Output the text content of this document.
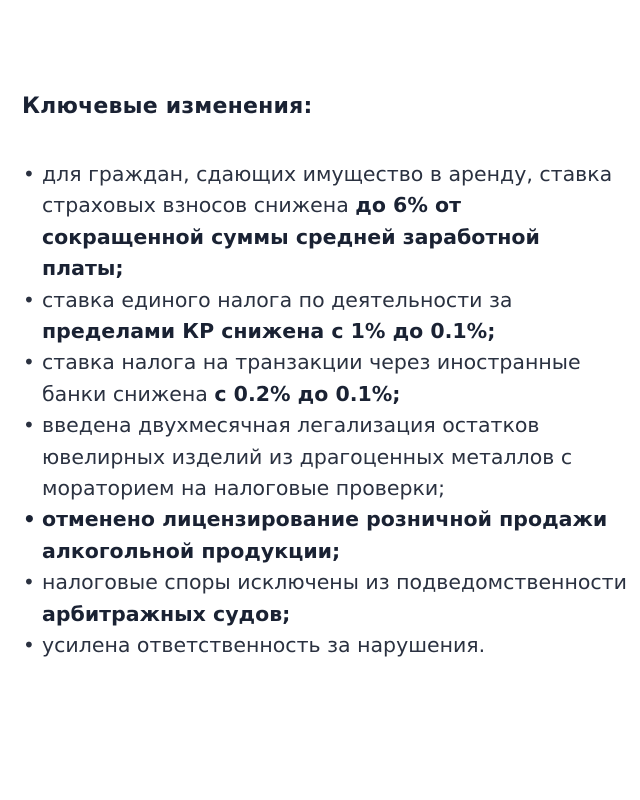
Ключевые изменения:
• для граждан, сдающих имущество в аренду, ставка страховых взносов снижена до 6% от сокращенной суммы средней заработной платы;
• ставка единого налога по деятельности за пределами КР снижена с 1% до 0.1%;
• ставка налога на транзакции через иностранные банки снижена с 0.2% до 0.1%;
• введена двухмесячная легализация остатков ювелирных изделий из драгоценных металлов с мораторием на налоговые проверки;
• отменено лицензирование розничной продажи алкогольной продукции;
• налоговые споры исключены из подведомственности арбитражных судов;
• усилена ответственность за нарушения.
